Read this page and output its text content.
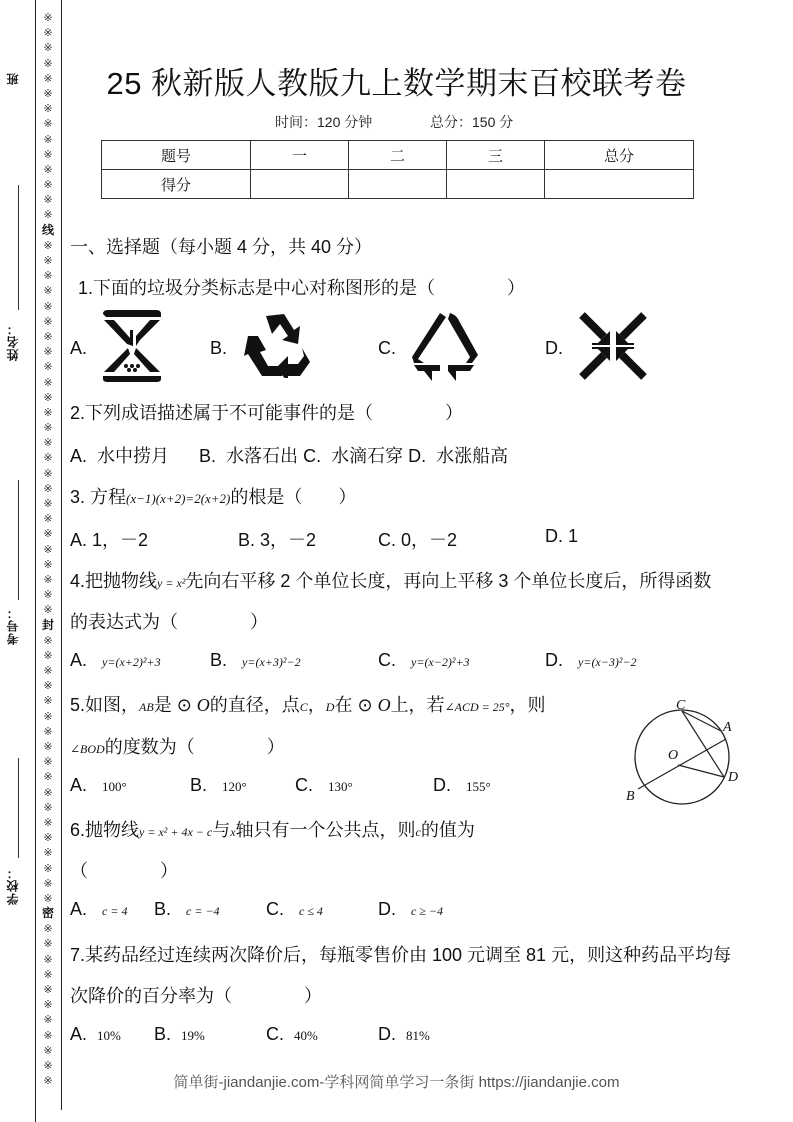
※
※
※
※
※
※
※
※
※
※
※
※
※
※
线
※
※
※
※
※
※
※
※
※
※
※
※
※
※
※
※
※
※
※
※
※
※
※
※
※
封
※
※
※
※
※
※
※
※
※
※
※
※
※
※
※
※
※
※
密
※
※
※
※
※
※
※
※
※
※
※
班
姓名：
考号：
学校：
25 秋新版人教版九上数学期末百校联考卷
时间：120 分钟	总分：150 分
题号	一	二	三	总分
得分				
一、选择题（每小题 4 分，共 40 分）
1.下面的垃圾分类标志是中心对称图形的是（　　　　）
A.	B.	C.	D.
2.下列成语描述属于不可能事件的是（　　　　）
A. 水中捞月 B. 水落石出 C. 水滴石穿 D. 水涨船高
3. 方程(x−1)(x+2)=2(x+2)的根是（　　）
A. 1，－2	B. 3，－2	C. 0，－2	D. 1
4.把抛物线y = x²先向右平移 2 个单位长度，再向上平移 3 个单位长度后，所得函数
的表达式为（　　　　）
A. y=(x+2)²+3	B. y=(x+3)²−2	C. y=(x−2)²+3	D. y=(x−3)²−2
5.如图，AB是 ⊙ O的直径，点C，D在 ⊙ O上，若∠ACD = 25°，则
∠BOD的度数为（　　　　）
A. 100°	B. 120°	C. 130°	D. 155°
C
A
O
D
B
6.抛物线y = x² + 4x − c与x轴只有一个公共点，则c的值为
（　　　　）
A. c = 4 B. c = −4	C. c ≤ 4	D. c ≥ −4
7.某药品经过连续两次降价后，每瓶零售价由 100 元调至 81 元，则这种药品平均每
次降价的百分率为（　　　　）
A. 10% B. 19%	C. 40%	D. 81%
简单街-jiandanjie.com-学科网简单学习一条街 https://jiandanjie.com
